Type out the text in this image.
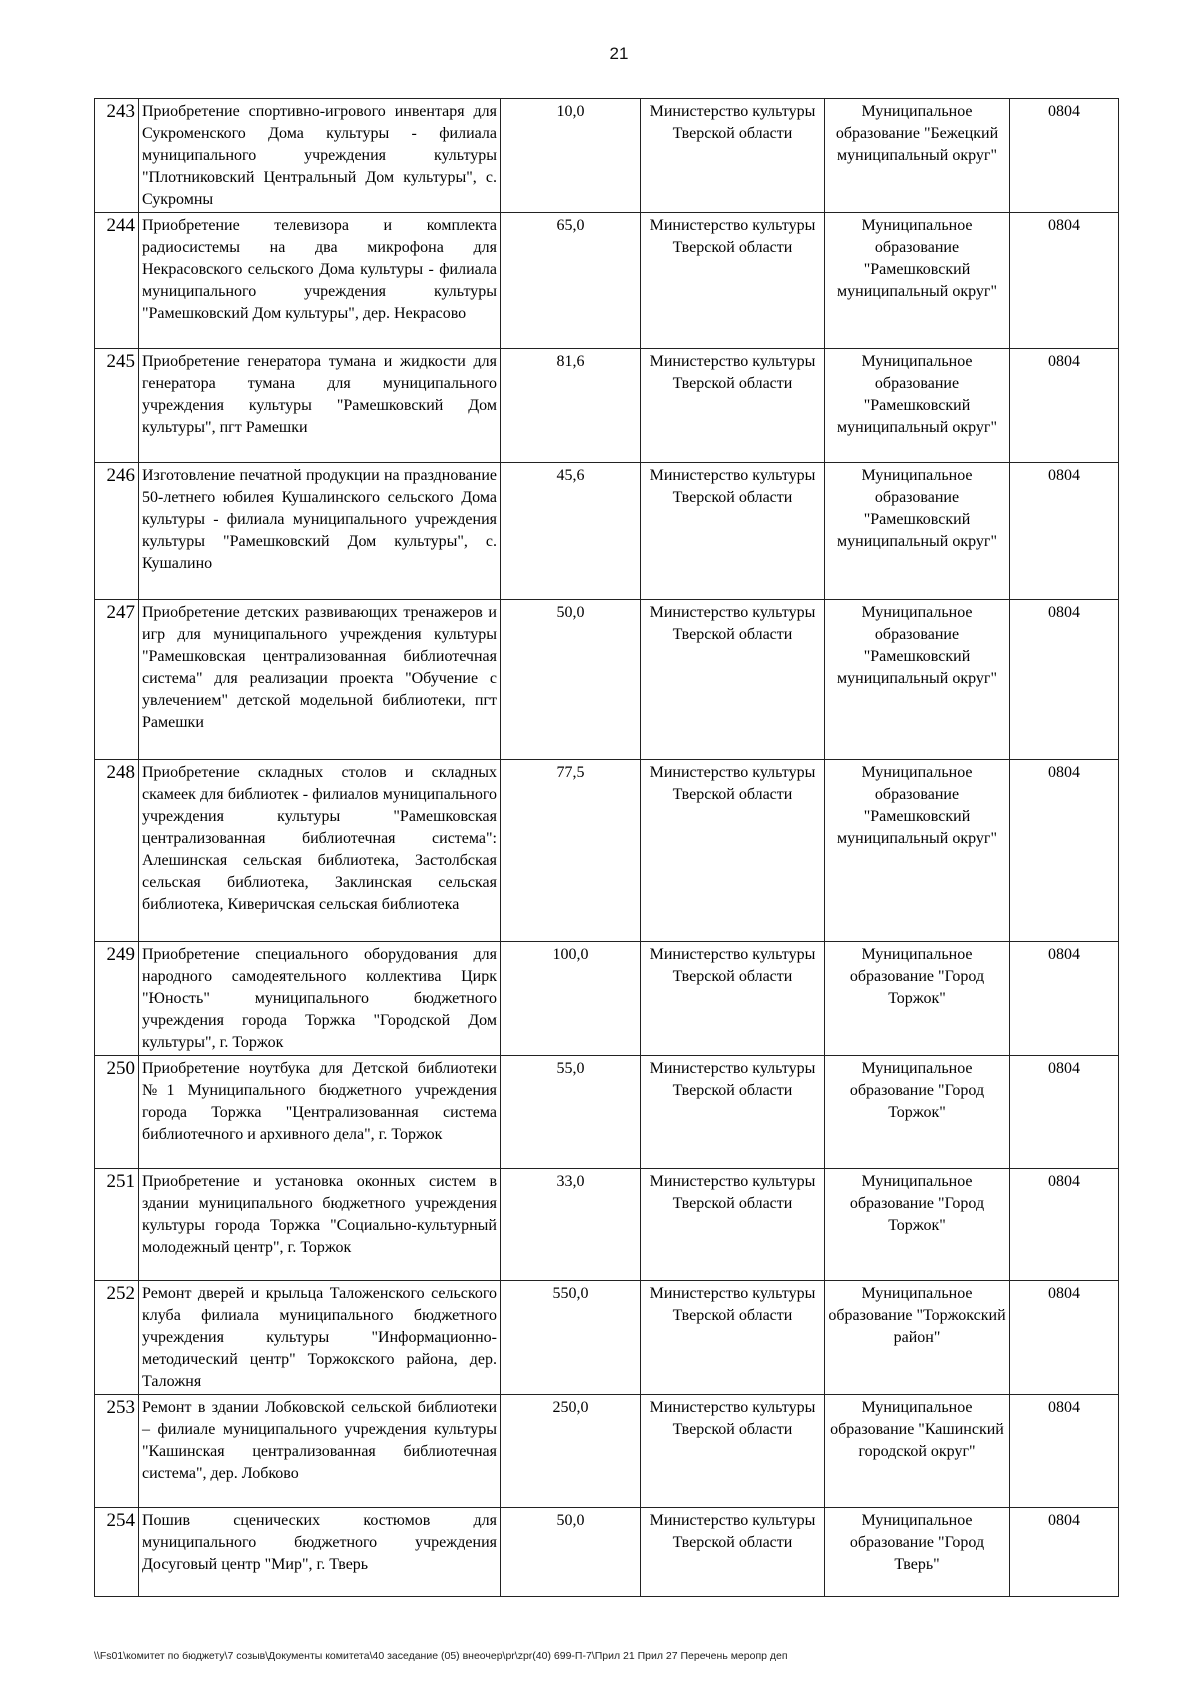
21
243	Приобретение спортивно-игрового инвентаря для Сукроменского Дома культуры - филиала муниципального учреждения культуры "Плотниковский Центральный Дом культуры", с. Сукромны	10,0	Министерство культуры Тверской области	Муниципальное образование "Бежецкий муниципальный округ"	0804
244	Приобретение телевизора и комплекта радиосистемы на два микрофона для Некрасовского сельского Дома культуры - филиала муниципального учреждения культуры "Рамешковский Дом культуры", дер. Некрасово	65,0	Министерство культуры Тверской области	Муниципальное образование "Рамешковский муниципальный округ"	0804
245	Приобретение генератора тумана и жидкости для генератора тумана для муниципального учреждения культуры "Рамешковский Дом культуры", пгт Рамешки	81,6	Министерство культуры Тверской области	Муниципальное образование "Рамешковский муниципальный округ"	0804
246	Изготовление печатной продукции на празднование 50-летнего юбилея Кушалинского сельского Дома культуры - филиала муниципального учреждения культуры "Рамешковский Дом культуры", с. Кушалино	45,6	Министерство культуры Тверской области	Муниципальное образование "Рамешковский муниципальный округ"	0804
247	Приобретение детских развивающих тренажеров и игр для муниципального учреждения культуры "Рамешковская централизованная библиотечная система" для реализации проекта "Обучение с увлечением" детской модельной библиотеки, пгт Рамешки	50,0	Министерство культуры Тверской области	Муниципальное образование "Рамешковский муниципальный округ"	0804
248	Приобретение складных столов и складных скамеек для библиотек - филиалов муниципального учреждения культуры "Рамешковская централизованная библиотечная система": Алешинская сельская библиотека, Застолбская сельская библиотека, Заклинская сельская библиотека, Киверичская сельская библиотека	77,5	Министерство культуры Тверской области	Муниципальное образование "Рамешковский муниципальный округ"	0804
249	Приобретение специального оборудования для народного самодеятельного коллектива Цирк "Юность" муниципального бюджетного учреждения города Торжка "Городской Дом культуры", г. Торжок	100,0	Министерство культуры Тверской области	Муниципальное образование "Город Торжок"	0804
250	Приобретение ноутбука для Детской библиотеки №1 Муниципального бюджетного учреждения города Торжка "Централизованная система библиотечного и архивного дела", г. Торжок	55,0	Министерство культуры Тверской области	Муниципальное образование "Город Торжок"	0804
251	Приобретение и установка оконных систем в здании муниципального бюджетного учреждения культуры города Торжка "Социально-культурный молодежный центр", г. Торжок	33,0	Министерство культуры Тверской области	Муниципальное образование "Город Торжок"	0804
252	Ремонт дверей и крыльца Таложенского сельского клуба филиала муниципального бюджетного учреждения культуры "Информационно-методический центр" Торжокского района, дер. Таложня	550,0	Министерство культуры Тверской области	Муниципальное образование "Торжокский район"	0804
253	Ремонт в здании Лобковской сельской библиотеки – филиале муниципального учреждения культуры "Кашинская централизованная библиотечная система", дер. Лобково	250,0	Министерство культуры Тверской области	Муниципальное образование "Кашинский городской округ"	0804
254	Пошив сценических костюмов для муниципального бюджетного учреждения Досуговый центр "Мир", г. Тверь	50,0	Министерство культуры Тверской области	Муниципальное образование "Город Тверь"	0804
\\Fs01\комитет по бюджету\7 созыв\Документы комитета\40 заседание (05) внеочер\pr\zpr(40) 699-П-7\Прил 21 Прил 27 Перечень меропр деп
